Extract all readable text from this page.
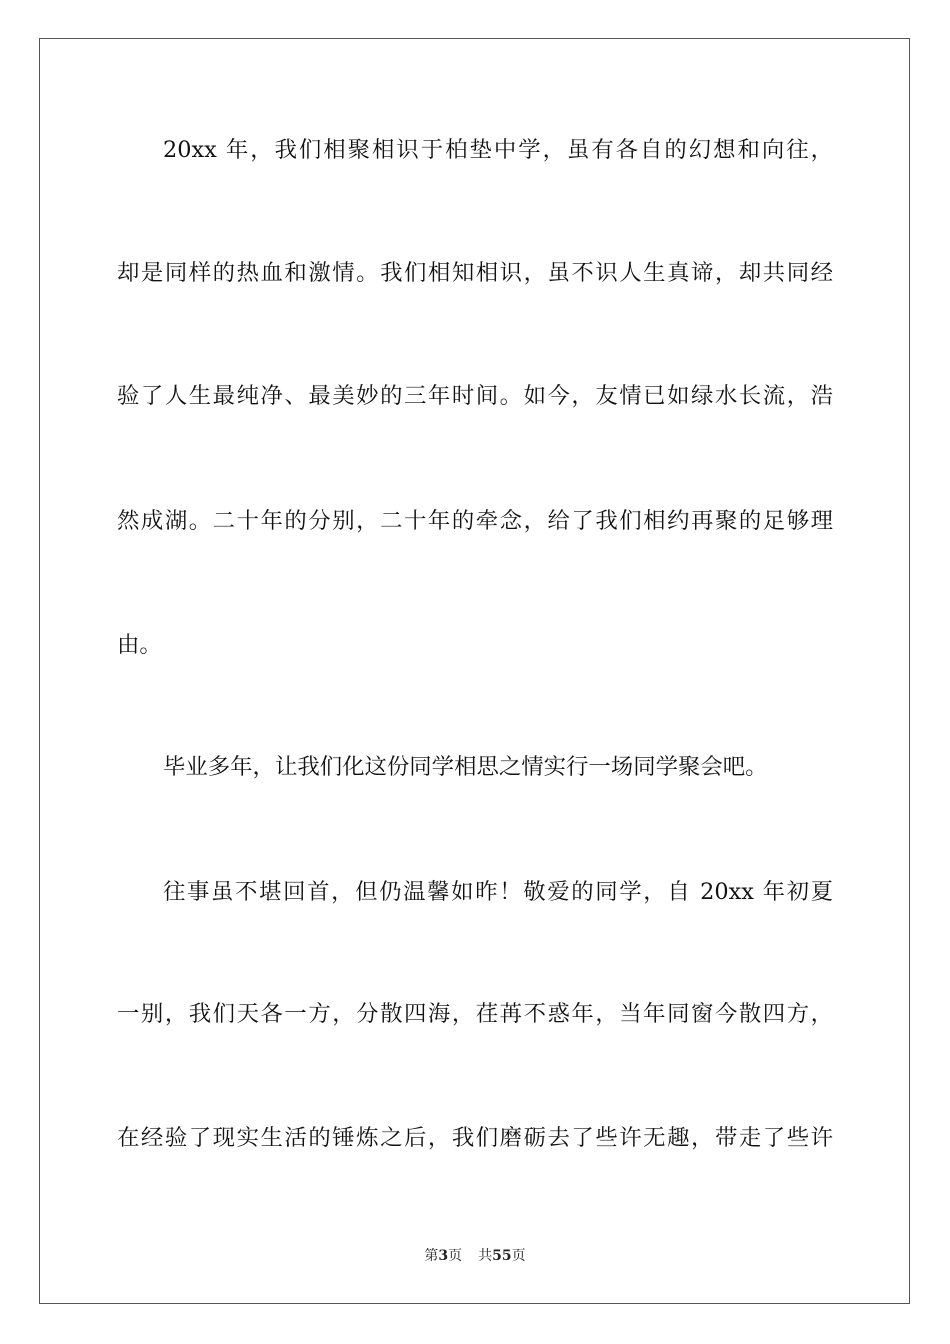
20xx 年，我们相聚相识于柏垫中学，虽有各自的幻想和向往，
却是同样的热血和激情。我们相知相识，虽不识人生真谛，却共同经
验了人生最纯净、最美妙的三年时间。如今，友情已如绿水长流，浩
然成湖。二十年的分别，二十年的牵念，给了我们相约再聚的足够理
由。
毕业多年，让我们化这份同学相思之情实行一场同学聚会吧。
往事虽不堪回首，但仍温馨如昨！敬爱的同学，自 20xx 年初夏
一别，我们天各一方，分散四海，荏苒不惑年，当年同窗今散四方，
在经验了现实生活的锤炼之后，我们磨砺去了些许无趣，带走了些许
第3页 共55页
